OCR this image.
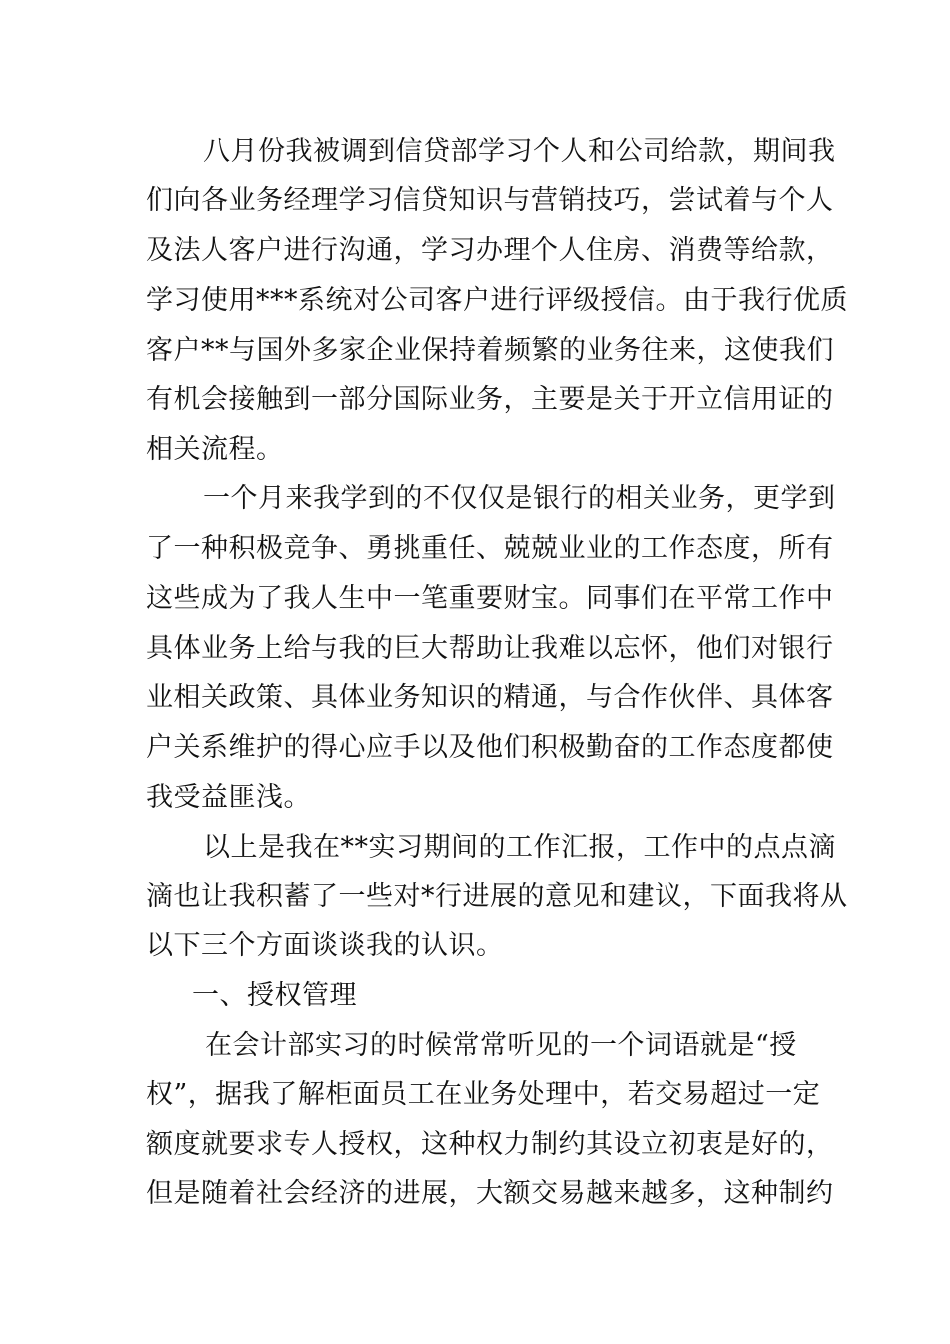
八月份我被调到信贷部学习个人和公司给款，期间我
们向各业务经理学习信贷知识与营销技巧，尝试着与个人
及法人客户进行沟通，学习办理个人住房、消费等给款，
学习使用***系统对公司客户进行评级授信。由于我行优质
客户**与国外多家企业保持着频繁的业务往来，这使我们
有机会接触到一部分国际业务，主要是关于开立信用证的
相关流程。
一个月来我学到的不仅仅是银行的相关业务，更学到
了一种积极竞争、勇挑重任、兢兢业业的工作态度，所有
这些成为了我人生中一笔重要财宝。同事们在平常工作中
具体业务上给与我的巨大帮助让我难以忘怀，他们对银行
业相关政策、具体业务知识的精通，与合作伙伴、具体客
户关系维护的得心应手以及他们积极勤奋的工作态度都使
我受益匪浅。
以上是我在**实习期间的工作汇报，工作中的点点滴
滴也让我积蓄了一些对*行进展的意见和建议，下面我将从
以下三个方面谈谈我的认识。
一、授权管理
在会计部实习的时候常常听见的一个词语就是“授
权”，据我了解柜面员工在业务处理中，若交易超过一定
额度就要求专人授权，这种权力制约其设立初衷是好的，
但是随着社会经济的进展，大额交易越来越多，这种制约
